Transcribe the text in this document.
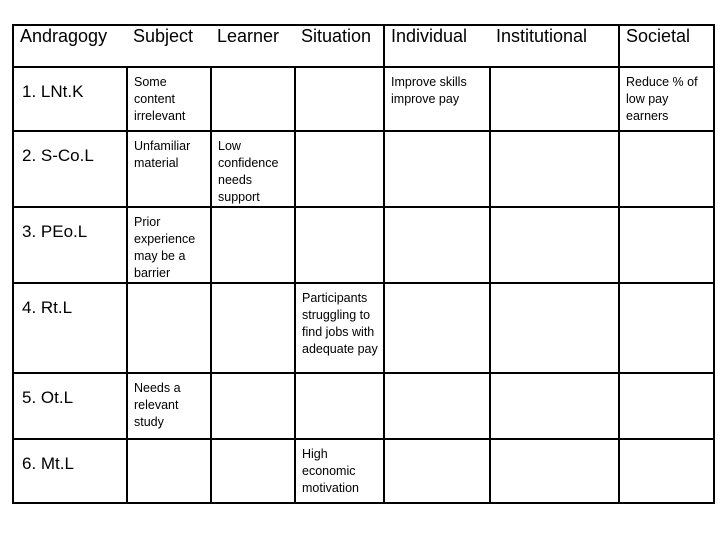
Andragogy	Subject	Learner	Situation	Individual	Institutional	Societal

1. LNt.K	Some content irrelevant			Improve skills improve pay		Reduce % of low pay earners
2. S-Co.L	Unfamiliar material	Low confidence needs support				
3. PEo.L	Prior experience may be a barrier					
4. Rt.L			Participants struggling to find jobs with adequate pay			
5. Ot.L	Needs a relevant study					
6. Mt.L			High economic motivation			
